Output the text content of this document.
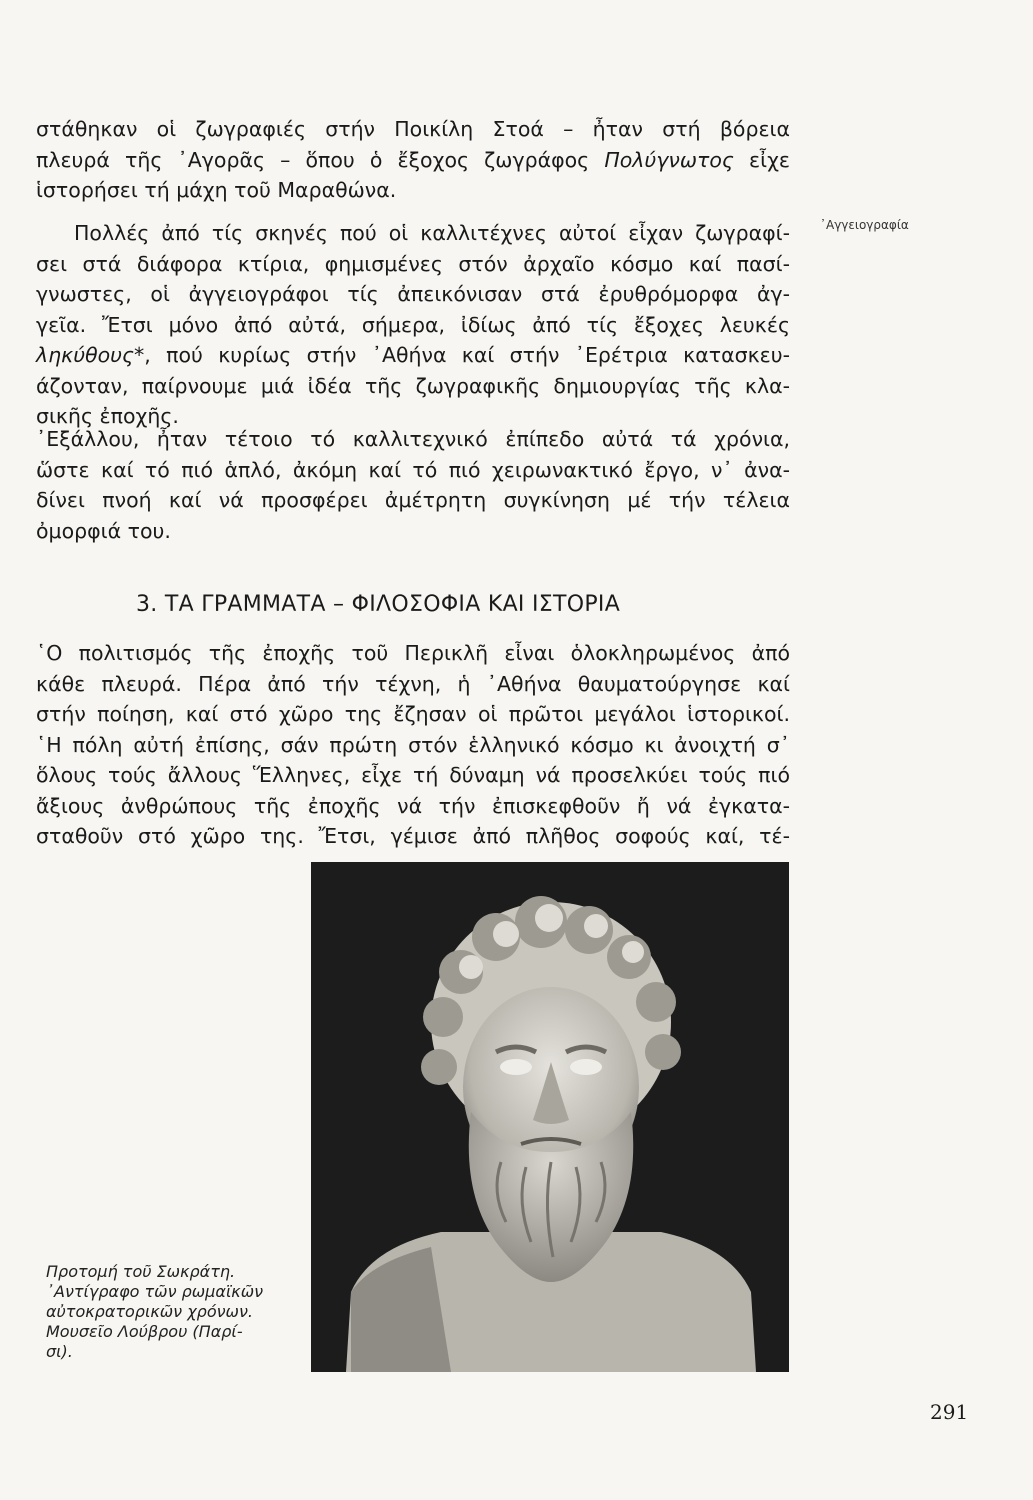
στάθηκαν οἱ ζωγραφιές στήν Ποικίλη Στοά – ἦταν στή βόρεια
πλευρά τῆς ᾿Αγορᾶς – ὅπου ὁ ἔξοχος ζωγράφος Πολύγνωτος εἶχε
ἱστορήσει τή μάχη τοῦ Μαραθώνα.
᾿Αγγειογραφία
Πολλές ἀπό τίς σκηνές πού οἱ καλλιτέχνες αὐτοί εἶχαν ζωγραφί-
σει στά διάφορα κτίρια, φημισμένες στόν ἀρχαῖο κόσμο καί πασί-
γνωστες, οἱ ἀγγειογράφοι τίς ἀπεικόνισαν στά ἐρυθρόμορφα ἀγ-
γεῖα. Ἔτσι μόνο ἀπό αὐτά, σήμερα, ἰδίως ἀπό τίς ἔξοχες λευκές
ληκύθους*, πού κυρίως στήν ᾿Αθήνα καί στήν ᾿Ερέτρια κατασκευ-
άζονταν, παίρνουμε μιά ἰδέα τῆς ζωγραφικῆς δημιουργίας τῆς κλα-
σικῆς ἐποχῆς.
᾿Εξάλλου, ἦταν τέτοιο τό καλλιτεχνικό ἐπίπεδο αὐτά τά χρόνια,
ὥστε καί τό πιό ἁπλό, ἀκόμη καί τό πιό χειρωνακτικό ἔργο, ν᾿ ἀνα-
δίνει πνοή καί νά προσφέρει ἀμέτρητη συγκίνηση μέ τήν τέλεια
ὀμορφιά του.
3. ΤΑ ΓΡΑΜΜΑΤΑ – ΦΙΛΟΣΟΦΙΑ ΚΑΙ ΙΣΤΟΡΙΑ
῾Ο πολιτισμός τῆς ἐποχῆς τοῦ Περικλῆ εἶναι ὁλοκληρωμένος ἀπό
κάθε πλευρά. Πέρα ἀπό τήν τέχνη, ἡ ᾿Αθήνα θαυματούργησε καί
στήν ποίηση, καί στό χῶρο της ἔζησαν οἱ πρῶτοι μεγάλοι ἱστορικοί.
῾Η πόλη αὐτή ἐπίσης, σάν πρώτη στόν ἑλληνικό κόσμο κι ἀνοιχτή σ᾿
ὅλους τούς ἄλλους Ἕλληνες, εἶχε τή δύναμη νά προσελκύει τούς πιό
ἄξιους ἀνθρώπους τῆς ἐποχῆς νά τήν ἐπισκεφθοῦν ἤ νά ἐγκατα-
σταθοῦν στό χῶρο της. Ἔτσι, γέμισε ἀπό πλῆθος σοφούς καί, τέ-
Προτομή τοῦ Σωκράτη.
᾿Αντίγραφο τῶν ρωμαϊκῶν
αὐτοκρατορικῶν χρόνων.
Μουσεῖο Λούβρου (Παρί-
σι).
291
